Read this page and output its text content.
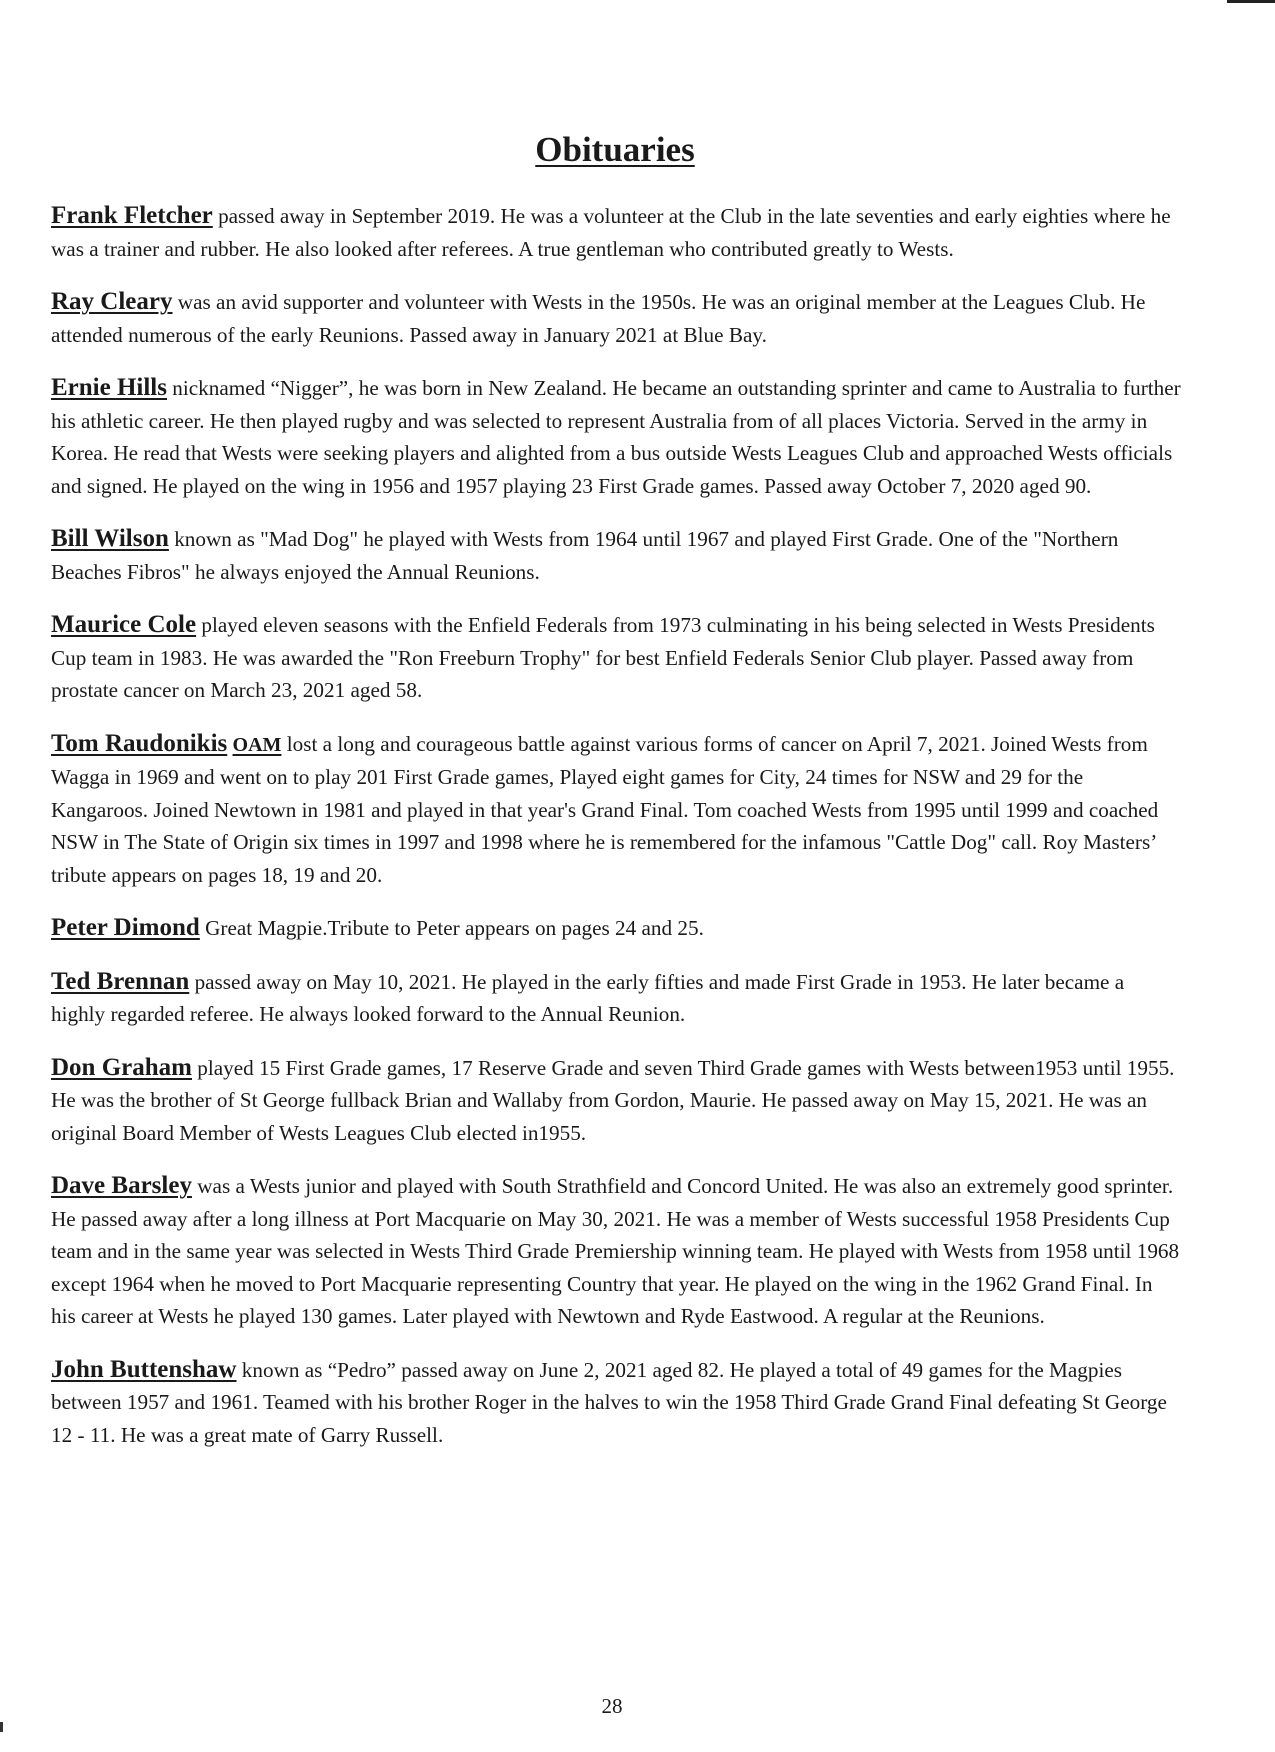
Obituaries

Frank Fletcher passed away in September 2019. He was a volunteer at the Club in the late seventies and early eighties where he was a trainer and rubber. He also looked after referees. A true gentleman who contributed greatly to Wests.

Ray Cleary was an avid supporter and volunteer with Wests in the 1950s. He was an original member at the Leagues Club. He attended numerous of the early Reunions. Passed away in January 2021 at Blue Bay.

Ernie Hills nicknamed “Nigger”, he was born in New Zealand. He became an outstanding sprinter and came to Australia to further his athletic career. He then played rugby and was selected to represent Australia from of all places Victoria. Served in the army in Korea. He read that Wests were seeking players and alighted from a bus outside Wests Leagues Club and approached Wests officials and signed. He played on the wing in 1956 and 1957 playing 23 First Grade games. Passed away October 7, 2020 aged 90.

Bill Wilson known as "Mad Dog" he played with Wests from 1964 until 1967 and played First Grade. One of the "Northern Beaches Fibros" he always enjoyed the Annual Reunions.

Maurice Cole played eleven seasons with the Enfield Federals from 1973 culminating in his being selected in Wests Presidents Cup team in 1983. He was awarded the "Ron Freeburn Trophy" for best Enfield Federals Senior Club player. Passed away from prostate cancer on March 23, 2021 aged 58.

Tom Raudonikis OAM lost a long and courageous battle against various forms of cancer on April 7, 2021. Joined Wests from Wagga in 1969 and went on to play 201 First Grade games, Played eight games for City, 24 times for NSW and 29 for the Kangaroos. Joined Newtown in 1981 and played in that year's Grand Final. Tom coached Wests from 1995 until 1999 and coached NSW in The State of Origin six times in 1997 and 1998 where he is remembered for the infamous "Cattle Dog" call. Roy Masters’ tribute appears on pages 18, 19 and 20.

Peter Dimond Great Magpie.Tribute to Peter appears on pages 24 and 25.

Ted Brennan passed away on May 10, 2021. He played in the early fifties and made First Grade in 1953. He later became a highly regarded referee. He always looked forward to the Annual Reunion.

Don Graham played 15 First Grade games, 17 Reserve Grade and seven Third Grade games with Wests between1953 until 1955. He was the brother of St George fullback Brian and Wallaby from Gordon, Maurie. He passed away on May 15, 2021. He was an original Board Member of Wests Leagues Club elected in1955.

Dave Barsley was a Wests junior and played with South Strathfield and Concord United. He was also an extremely good sprinter. He passed away after a long illness at Port Macquarie on May 30, 2021. He was a member of Wests successful 1958 Presidents Cup team and in the same year was selected in Wests Third Grade Premiership winning team. He played with Wests from 1958 until 1968 except 1964 when he moved to Port Macquarie representing Country that year. He played on the wing in the 1962 Grand Final. In his career at Wests he played 130 games. Later played with Newtown and Ryde Eastwood. A regular at the Reunions.

John Buttenshaw known as “Pedro” passed away on June 2, 2021 aged 82. He played a total of 49 games for the Magpies between 1957 and 1961. Teamed with his brother Roger in the halves to win the 1958 Third Grade Grand Final defeating St George 12 - 11. He was a great mate of Garry Russell.

28
